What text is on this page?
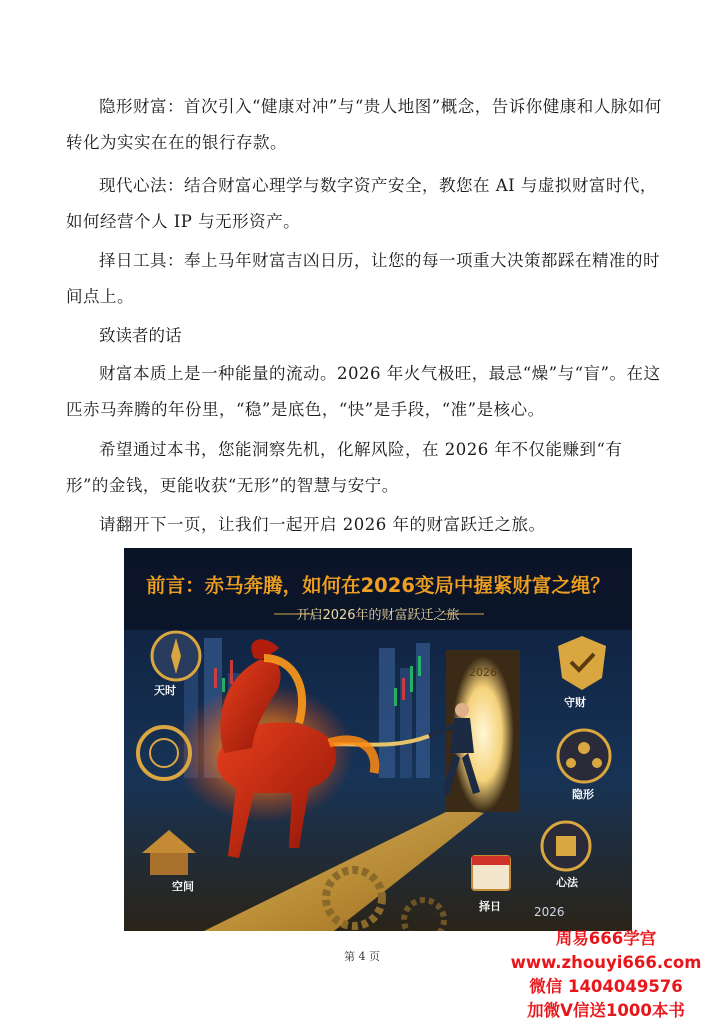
隐形财富：首次引入“健康对冲”与“贵人地图”概念，告诉你健康和人脉如何转化为实实在在的银行存款。

现代心法：结合财富心理学与数字资产安全，教您在 AI 与虚拟财富时代，如何经营个人 IP 与无形资产。

择日工具：奉上马年财富吉凶日历，让您的每一项重大决策都踩在精准的时间点上。

致读者的话

财富本质上是一种能量的流动。2026 年火气极旺，最忌“燥”与“盲”。在这匹赤马奔腾的年份里，“稳”是底色，“快”是手段，“准”是核心。

希望通过本书，您能洞察先机，化解风险，在 2026 年不仅能赚到“有形”的金钱，更能收获“无形”的智慧与安宁。

请翻开下一页，让我们一起开启 2026 年的财富跃迁之旅。

2026
天时
空间
守财
隐形
心法
择日	2026
前言：赤马奔腾，如何在2026变局中握紧财富之绳？
开启2026年的财富跃迁之旅
第 4 页
周易666学宫
www.zhouyi666.com
微信 1404049576
加微V信送1000本书
